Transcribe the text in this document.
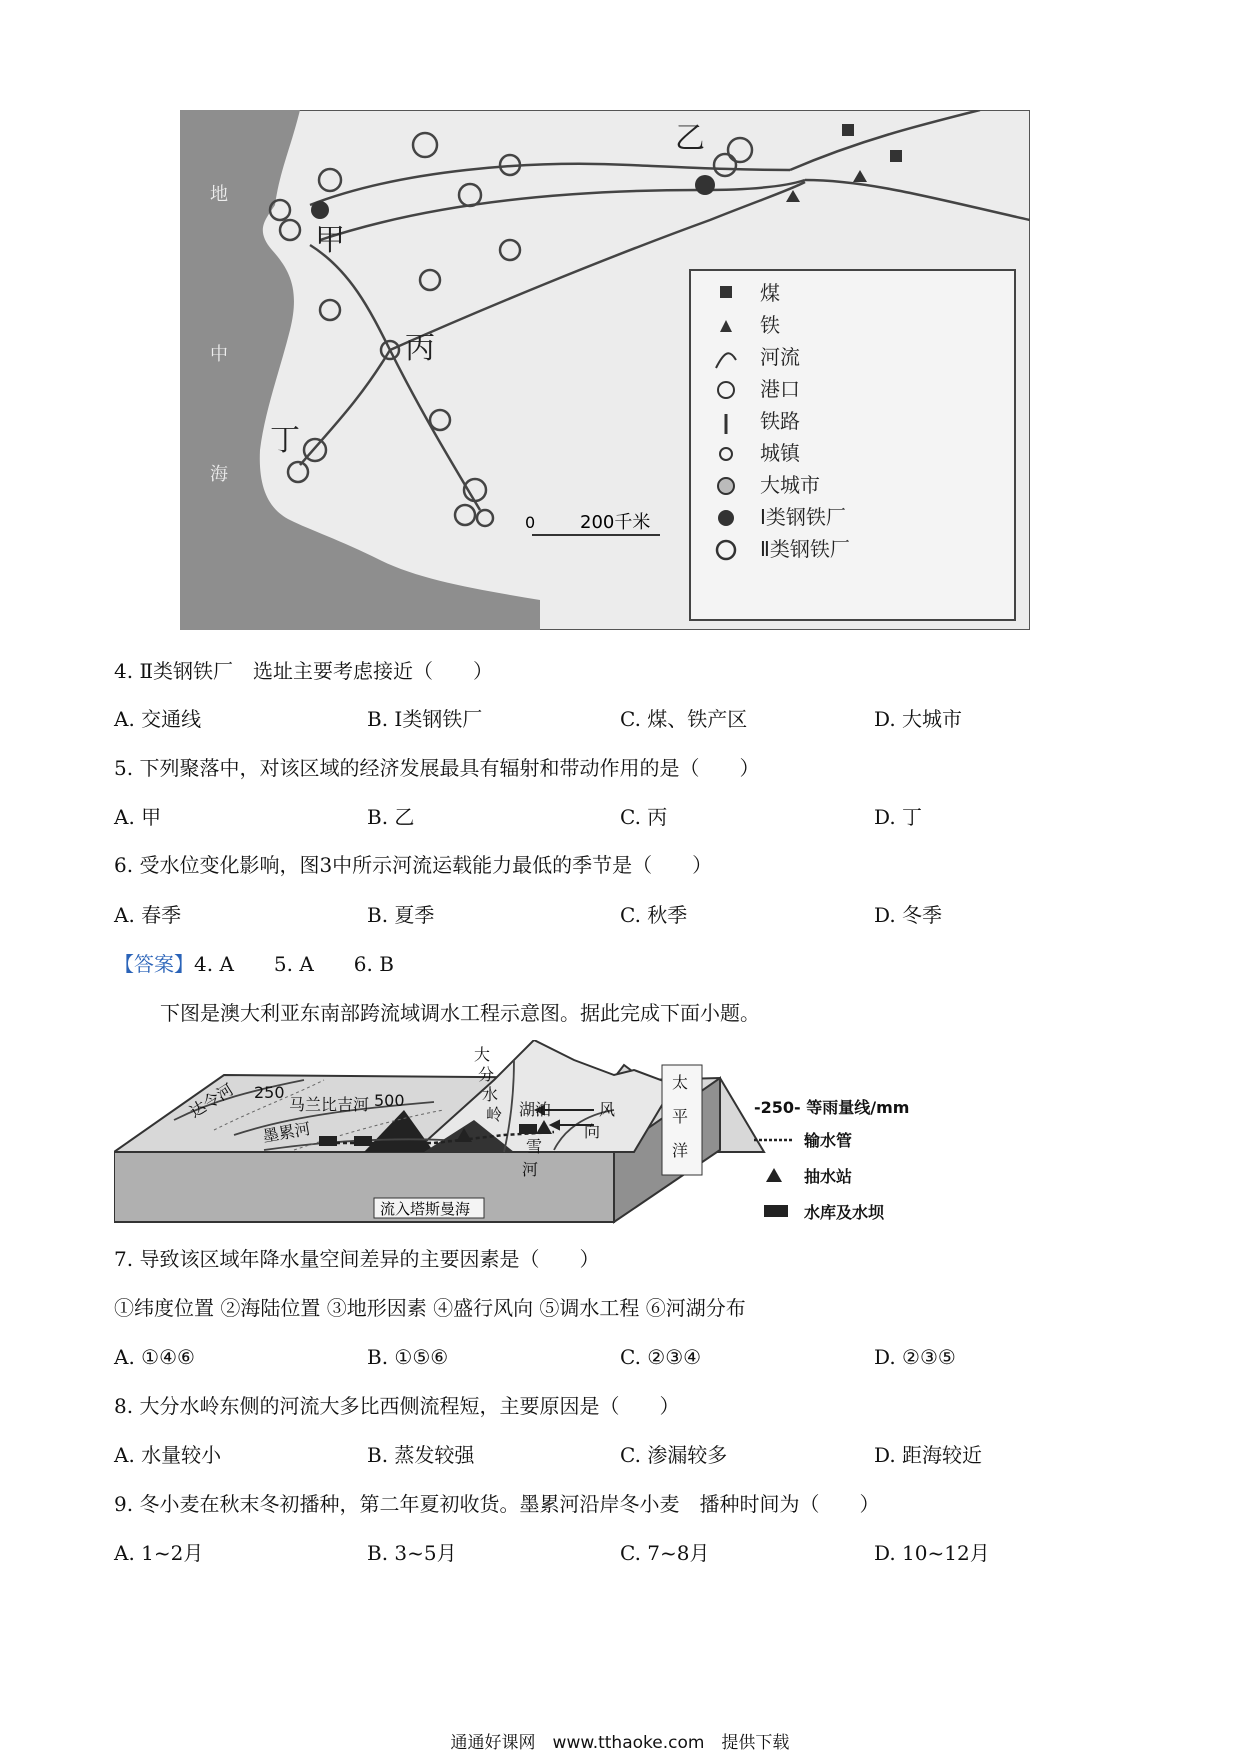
地
中
海
煤
铁
河流
港口
铁路
城镇
大城市
Ⅰ类钢铁厂
Ⅱ类钢铁厂
甲
乙
丙
丁
0 200千米
4. Ⅱ类钢铁厂　选址主要考虑接近（　　）
A. 交通线	B. Ⅰ类钢铁厂	C. 煤、铁产区	D. 大城市
5. 下列聚落中，对该区域的经济发展最具有辐射和带动作用的是（　　）
A. 甲	B. 乙	C. 丙	D. 丁
6. 受水位变化影响，图3中所示河流运载能力最低的季节是（　　）
A. 春季	B. 夏季	C. 秋季	D. 冬季
【答案】4. A　　5. A　　6. B
下图是澳大利亚东南部跨流域调水工程示意图。据此完成下面小题。
达令河 250
马兰比吉河 500
墨累河
大
分
水
岭 湖泊
雪
河
风
向
太
平
洋
流入塔斯曼海
-250- 等雨量线/mm
输水管
抽水站
水库及水坝
7. 导致该区域年降水量空间差异的主要因素是（　　）
①纬度位置 ②海陆位置 ③地形因素 ④盛行风向 ⑤调水工程 ⑥河湖分布
A. ①④⑥	B. ①⑤⑥	C. ②③④	D. ②③⑤
8. 大分水岭东侧的河流大多比西侧流程短，主要原因是（　　）
A. 水量较小	B. 蒸发较强	C. 渗漏较多	D. 距海较近
9. 冬小麦在秋末冬初播种，第二年夏初收货。墨累河沿岸冬小麦　播种时间为（　　）
A. 1~2月	B. 3~5月	C. 7~8月	D. 10~12月
通通好课网　www.tthaoke.com　提供下载
